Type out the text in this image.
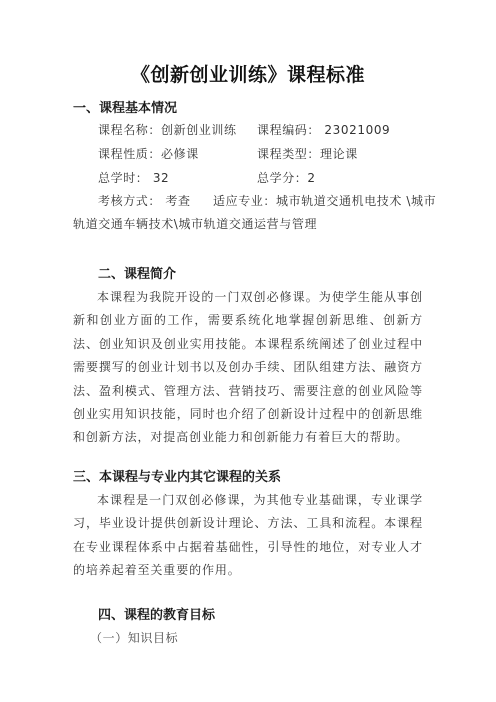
《创新创业训练》课程标准
一、课程基本情况
课程名称：创新创业训练 课程编码： 23021009
课程性质：必修课	课程类型：理论课
总学时： 32	总学分：2
考核方式： 考查 适应专业：城市轨道交通机电技术 \城市
轨道交通车辆技术\城市轨道交通运营与管理
二、课程简介
本课程为我院开设的一门双创必修课。为使学生能从事创新和创业方面的工作，需要系统化地掌握创新思维、创新方法、创业知识及创业实用技能。本课程系统阐述了创业过程中需要撰写的创业计划书以及创办手续、团队组建方法、融资方法、盈利模式、管理方法、营销技巧、需要注意的创业风险等创业实用知识技能，同时也介绍了创新设计过程中的创新思维和创新方法，对提高创业能力和创新能力有着巨大的帮助。
三、本课程与专业内其它课程的关系
本课程是一门双创必修课，为其他专业基础课，专业课学习，毕业设计提供创新设计理论、方法、工具和流程。本课程在专业课程体系中占据着基础性，引导性的地位，对专业人才的培养起着至关重要的作用。
四、课程的教育目标
（一）知识目标
